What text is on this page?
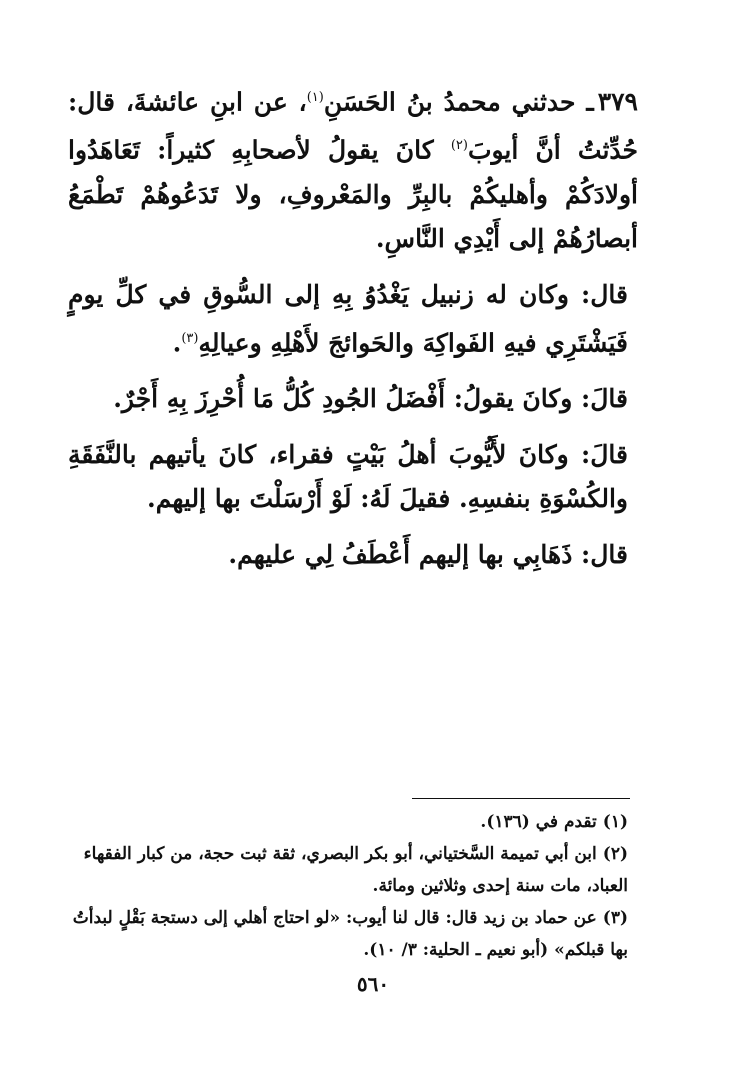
٣٧٩ـ حدثني محمدُ بنُ الحَسَنِ$^{(١)}$، عن ابنِ عائشةَ، قال: حُدِّثتُ أنَّ أيوبَ$^{(٢)}$ كانَ يقولُ لأصحابِهِ كثيراً: تَعَاهَدُوا أولادَكُمْ وأهليكُمْ بالبِرِّ والمَعْروفِ، ولا تَدَعُوهُمْ تَطْمَعُ أبصارُهُمْ إلى أَيْدِي النَّاسِ.

قال: وكان له زنبيل يَغْدُوُ بِهِ إلى السُّوقِ في كلِّ يومٍ فَيَشْتَرِي فيهِ الفَواكِهَ والحَوائجَ لأَهْلِهِ وعيالِهِ$^{(٣)}$.

قالَ: وكانَ يقولُ: أَفْضَلُ الجُودِ كُلُّ مَا أُحْرِزَ بِهِ أَجْرٌ.

قالَ: وكانَ لأَيُّوبَ أهلُ بَيْتٍ فقراء، كانَ يأتيهم بالنَّفَقَةِ والكُسْوَةِ بنفسِهِ. فقيلَ لَهُ: لَوْ أَرْسَلْتَ بها إليهم.

قال: ذَهَابِي بها إليهم أَعْطَفُ لِي عليهم.

(١)تقدم في (١٣٦).
(٢)ابن أبي تميمة السَّختياني، أبو بكر البصري، ثقة ثبت حجة، من كبار الفقهاء
العباد، مات سنة إحدى وثلاثين ومائة.
(٣)عن حماد بن زيد قال: قال لنا أيوب: «لو احتاج أهلي إلى دستجة بَقْلٍ لبدأتُ
بها قبلكم» (أبو نعيم ـ الحلية: ٣/ ١٠).
٥٦٠
